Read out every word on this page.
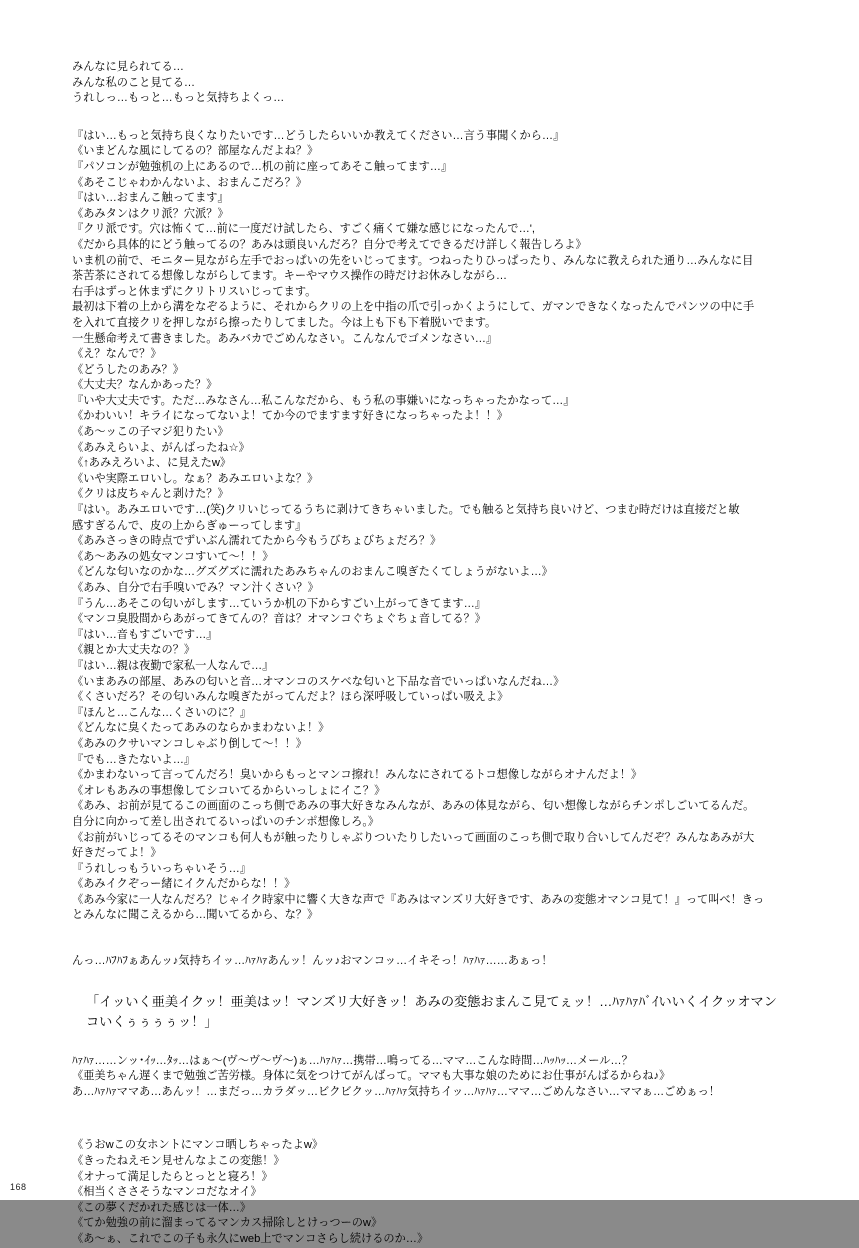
みんなに見られてる…
みんな私のこと見てる…
うれしっ…もっと…もっと気持ちよくっ…
『はい…もっと気持ち良くなりたいです…どうしたらいいか教えてください…言う事聞くから…』
《いまどんな風にしてるの？部屋なんだよね？》
『パソコンが勉強机の上にあるので…机の前に座ってあそこ触ってます…』
《あそこじゃわかんないよ、おまんこだろ？》
『はい…おまんこ触ってます』
《あみタンはクリ派？穴派？》
『クリ派です。穴は怖くて…前に一度だけ試したら、すごく痛くて嫌な感じになったんで…',
《だから具体的にどう触ってるの？あみは頭良いんだろ？自分で考えてできるだけ詳しく報告しろよ》
いま机の前で、モニター見ながら左手でおっぱいの先をいじってます。つねったりひっぱったり、みんなに教えられた通り…みんなに目
茶苦茶にされてる想像しながらしてます。キーやマウス操作の時だけお休みしながら…
右手はずっと休まずにクリトリスいじってます。
最初は下着の上から溝をなぞるように、それからクリの上を中指の爪で引っかくようにして、ガマンできなくなったんでパンツの中に手
を入れて直接クリを押しながら擦ったりしてました。今は上も下も下着脱いでます。
一生懸命考えて書きました。あみバカでごめんなさい。こんなんでゴメンなさい…』
《え？なんで？》
《どうしたのあみ？》
《大丈夫？なんかあった？》
『いや大丈夫です。ただ…みなさん…私こんなだから、もう私の事嫌いになっちゃったかなって…』
《かわいい！キライになってないよ！てか今のでますます好きになっちゃったよ！！》
《あ〜ッこの子マジ犯りたい》
《あみえらいよ、がんばったね☆》
《↑あみえろいよ、に見えたw》
《いや実際エロいし。なぁ？あみエロいよな？》
《クリは皮ちゃんと剥けた？》
『はい。あみエロいです…(笑)クリいじってるうちに剥けてきちゃいました。でも触ると気持ち良いけど、つまむ時だけは直接だと敏
感すぎるんで、皮の上からぎゅーってします』
《あみさっきの時点でずいぶん濡れてたから今もうびちょびちょだろ？》
《あ〜あみの処女マンコすいて〜！！》
《どんな匂いなのかな…グズグズに濡れたあみちゃんのおまんこ嗅ぎたくてしょうがないよ…》
《あみ、自分で右手嗅いでみ？マン汁くさい？》
『うん…あそこの匂いがします…ていうか机の下からすごい上がってきてます…』
《マンコ臭股間からあがってきてんの？音は？オマンコぐちょぐちょ音してる？》
『はい…音もすごいです…』
《親とか大丈夫なの？》
『はい…親は夜勤で家私一人なんで…』
《いまあみの部屋、あみの匂いと音…オマンコのスケベな匂いと下品な音でいっぱいなんだね…》
《くさいだろ？その匂いみんな嗅ぎたがってんだよ？ほら深呼吸していっぱい吸えよ》
『ほんと…こんな…くさいのに？』
《どんなに臭くたってあみのならかまわないよ！》
《あみのクサいマンコしゃぶり倒して〜！！》
『でも…きたないよ…』
《かまわないって言ってんだろ！臭いからもっとマンコ擦れ！みんなにされてるトコ想像しながらオナんだよ！》
《オレもあみの事想像してシコいてるからいっしょにイこ？》
《あみ、お前が見てるこの画面のこっち側であみの事大好きなみんなが、あみの体見ながら、匂い想像しながらチンポしごいてるんだ。
自分に向かって差し出されてるいっぱいのチンポ想像しろ。》
《お前がいじってるそのマンコも何人もが触ったりしゃぶりついたりしたいって画面のこっち側で取り合いしてんだぞ？みんなあみが大
好きだってよ！》
『うれしっもういっちゃいそう…』
《あみイクぞっー緒にイクんだからな！！》
《あみ今家に一人なんだろ？じゃイク時家中に響く大きな声で『あみはマンズリ大好きです、あみの変態オマンコ見て！』って叫べ！きっ
とみんなに聞こえるから…聞いてるから、な？》
んっ…ﾊﾌﾊﾌぁあんッ♪気持ちイッ…ﾊｧﾊｧあんッ！んッ♪おマンコッ…イキそっ！ﾊｧﾊｧ……あぁっ！
「イッいく亜美イクッ！亜美はッ！マンズリ大好きッ！あみの変態おまんこ見てぇッ！…ﾊｧﾊｧﾊﾞｲいいくイクッオマンコいくぅぅぅぅッ！」
ﾊｧﾊｧ……ンッ･ｲｯ…ﾀｯ…はぁ〜(ヴ〜ヴ〜ヴ〜)ぁ…ﾊｧﾊｧ…携帯…鳴ってる…ママ…こんな時間…ﾊｯﾊｯ…メール…？
《亜美ちゃん遅くまで勉強ご苦労様。身体に気をつけてがんばって。ママも大事な娘のためにお仕事がんばるからね♪》
あ…ﾊｧﾊｧママあ…あんッ！…まだっ…カラダッ…ビクビクッ…ﾊｧﾊｧ気持ちイッ…ﾊｧﾊｧ…ママ…ごめんなさい…ママぁ…ごめぁっ！
《うおwこの女ホントにマンコ晒しちゃったよw》
《きったねえモン見せんなよこの変態！》
《オナって満足したらとっとと寝ろ！》
《相当くささそうなマンコだなオイ》
《この夢くだかれた感じは一体…》
《てか勉強の前に溜まってるマンカス掃除しとけっつーのw》
《あ〜ぁ、これでこの子も永久にweb上でマンコさらし続けるのか…》
168
